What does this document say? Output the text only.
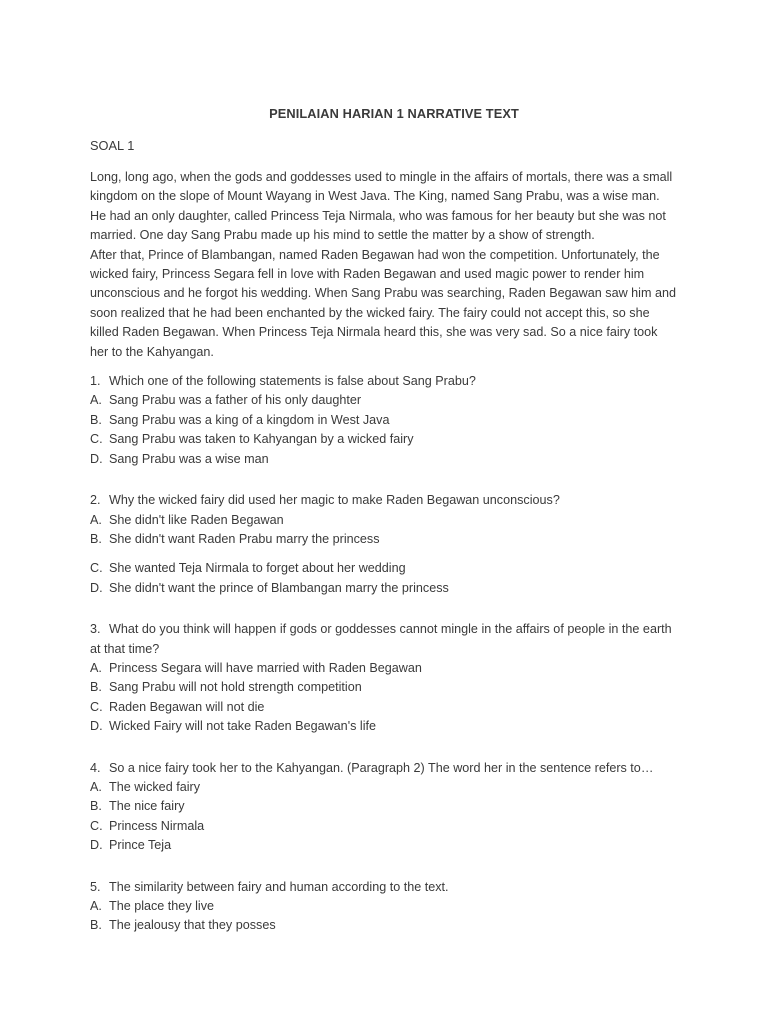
PENILAIAN HARIAN 1 NARRATIVE TEXT
SOAL 1

Long, long ago, when the gods and goddesses used to mingle in the affairs of mortals, there was a small

kingdom on the slope of Mount Wayang in West Java. The King, named Sang Prabu, was a wise man.

He had an only daughter, called Princess Teja Nirmala, who was famous for her beauty but she was not

married. One day Sang Prabu made up his mind to settle the matter by a show of strength.

After that, Prince of Blambangan, named Raden Begawan had won the competition. Unfortunately, the

wicked fairy, Princess Segara fell in love with Raden Begawan and used magic power to render him

unconscious and he forgot his wedding. When Sang Prabu was searching, Raden Begawan saw him and

soon realized that he had been enchanted by the wicked fairy. The fairy could not accept this, so she

killed Raden Begawan. When Princess Teja Nirmala heard this, she was very sad. So a nice fairy took

her to the Kahyangan.

1. Which one of the following statements is false about Sang Prabu?

A. Sang Prabu was a father of his only daughter

B. Sang Prabu was a king of a kingdom in West Java

C. Sang Prabu was taken to Kahyangan by a wicked fairy

D. Sang Prabu was a wise man

2. Why the wicked fairy did used her magic to make Raden Begawan unconscious?

A. She didn't like Raden Begawan

B. She didn't want Raden Prabu marry the princess

C. She wanted Teja Nirmala to forget about her wedding

D. She didn't want the prince of Blambangan marry the princess

3. What do you think will happen if gods or goddesses cannot mingle in the affairs of people in the earth

at that time?

A. Princess Segara will have married with Raden Begawan

B. Sang Prabu will not hold strength competition

C. Raden Begawan will not die

D. Wicked Fairy will not take Raden Begawan's life

4. So a nice fairy took her to the Kahyangan. (Paragraph 2) The word her in the sentence refers to…

A. The wicked fairy

B. The nice fairy

C. Princess Nirmala

D. Prince Teja

5. The similarity between fairy and human according to the text.

A. The place they live

B. The jealousy that they posses
